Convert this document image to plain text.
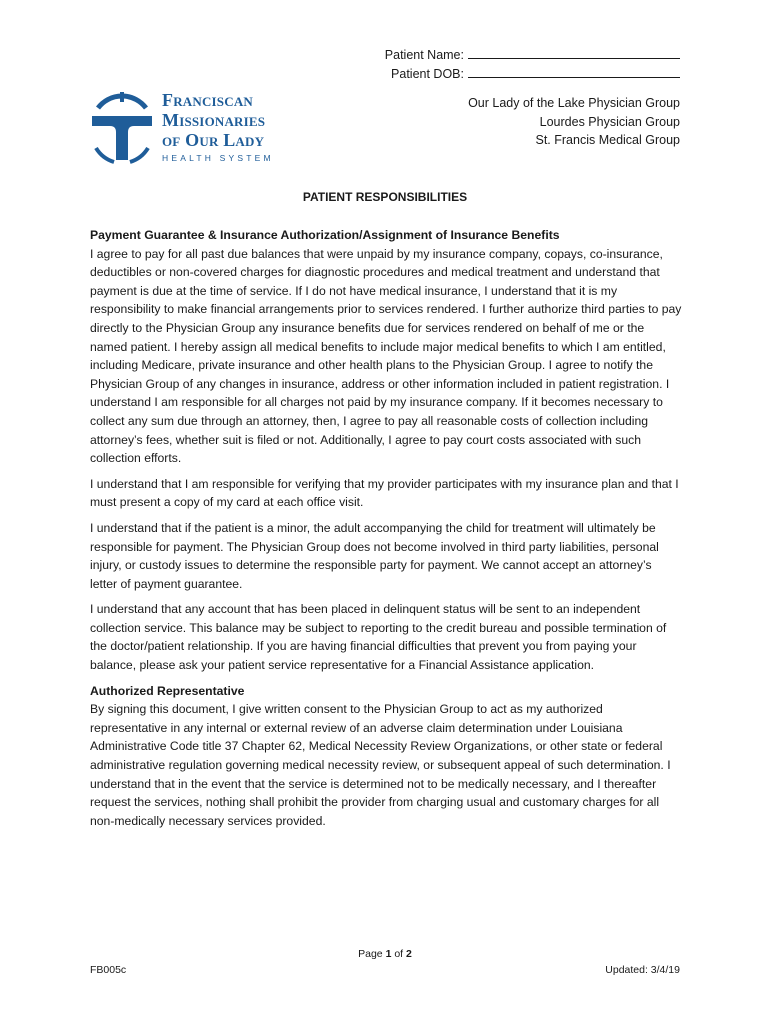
Patient Name:
Patient DOB:
Franciscan
Missionaries
of Our Lady
HEALTH SYSTEM
Our Lady of the Lake Physician Group
Lourdes Physician Group
St. Francis Medical Group
PATIENT RESPONSIBILITIES

Payment Guarantee & Insurance Authorization/Assignment of Insurance Benefits
I agree to pay for all past due balances that were unpaid by my insurance company, copays, co-insurance, deductibles or non-covered charges for diagnostic procedures and medical treatment and understand that payment is due at the time of service. If I do not have medical insurance, I understand that it is my responsibility to make financial arrangements prior to services rendered. I further authorize third parties to pay directly to the Physician Group any insurance benefits due for services rendered on behalf of me or the named patient. I hereby assign all medical benefits to include major medical benefits to which I am entitled, including Medicare, private insurance and other health plans to the Physician Group. I agree to notify the Physician Group of any changes in insurance, address or other information included in patient registration. I understand I am responsible for all charges not paid by my insurance company. If it becomes necessary to collect any sum due through an attorney, then, I agree to pay all reasonable costs of collection including attorney’s fees, whether suit is filed or not. Additionally, I agree to pay court costs associated with such collection efforts.

I understand that I am responsible for verifying that my provider participates with my insurance plan and that I must present a copy of my card at each office visit.

I understand that if the patient is a minor, the adult accompanying the child for treatment will ultimately be responsible for payment. The Physician Group does not become involved in third party liabilities, personal injury, or custody issues to determine the responsible party for payment. We cannot accept an attorney’s letter of payment guarantee.

I understand that any account that has been placed in delinquent status will be sent to an independent collection service. This balance may be subject to reporting to the credit bureau and possible termination of the doctor/patient relationship. If you are having financial difficulties that prevent you from paying your balance, please ask your patient service representative for a Financial Assistance application.

Authorized Representative
By signing this document, I give written consent to the Physician Group to act as my authorized representative in any internal or external review of an adverse claim determination under Louisiana Administrative Code title 37 Chapter 62, Medical Necessity Review Organizations, or other state or federal administrative regulation governing medical necessity review, or subsequent appeal of such determination. I understand that in the event that the service is determined not to be medically necessary, and I thereafter request the services, nothing shall prohibit the provider from charging usual and customary charges for all non-medically necessary services provided.

Page 1 of 2
FB005c	Updated: 3/4/19
